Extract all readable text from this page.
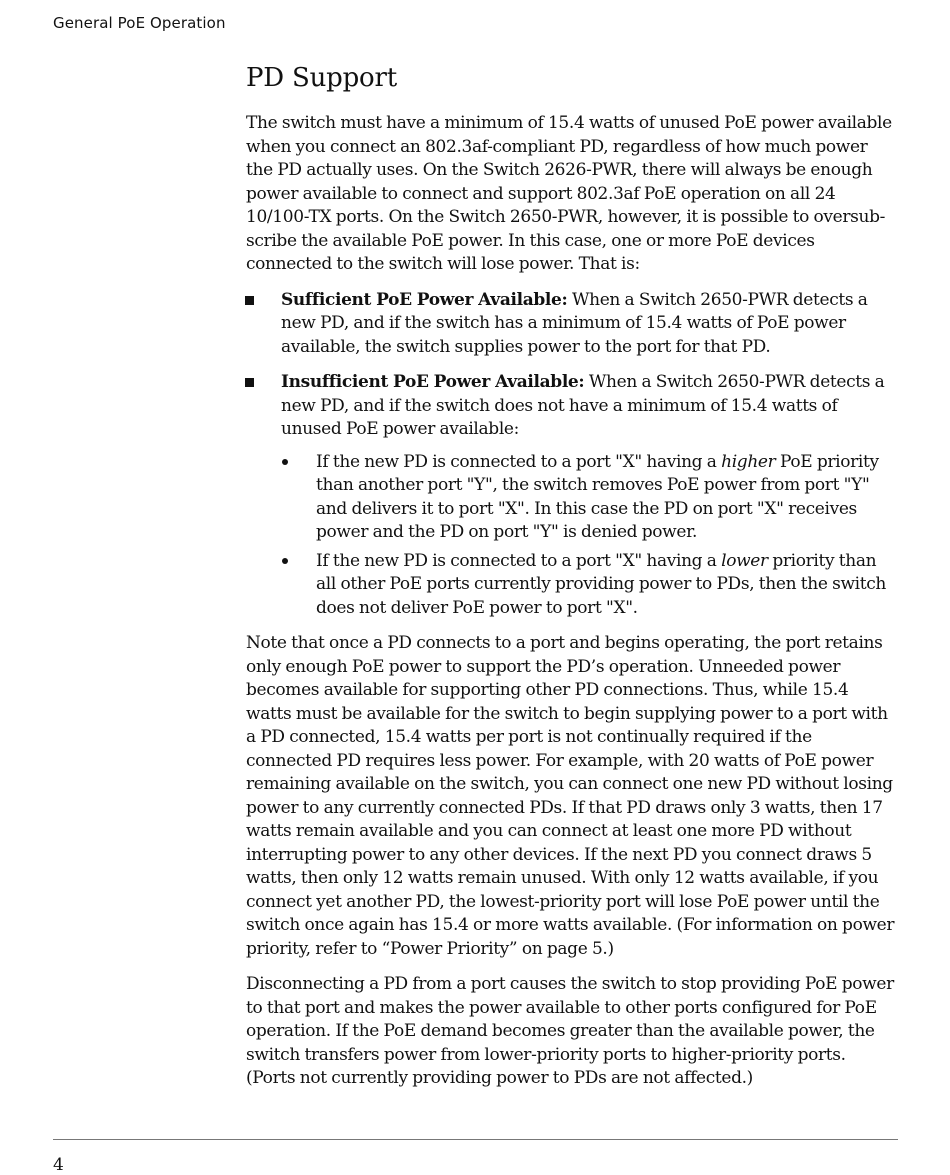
General PoE Operation
PD Support

The switch must have a minimum of 15.4 watts of unused PoE power available when you connect an 802.3af-compliant PD, regardless of how much power the PD actually uses. On the Switch 2626-PWR, there will always be enough power available to connect and support 802.3af PoE operation on all 24 10/100-TX ports. On the Switch 2650-PWR, however, it is possible to oversubscribe the available PoE power. In this case, one or more PoE devices connected to the switch will lose power. That is:

Sufficient PoE Power Available: When a Switch 2650-PWR detects a new PD, and if the switch has a minimum of 15.4 watts of PoE power available, the switch supplies power to the port for that PD.

Insufficient PoE Power Available: When a Switch 2650-PWR detects a new PD, and if the switch does not have a minimum of 15.4 watts of unused PoE power available:

If the new PD is connected to a port "X" having a higher PoE priority than another port "Y", the switch removes PoE power from port "Y" and delivers it to port "X". In this case the PD on port "X" receives power and the PD on port "Y" is denied power.

If the new PD is connected to a port "X" having a lower priority than all other PoE ports currently providing power to PDs, then the switch does not deliver PoE power to port "X".

Note that once a PD connects to a port and begins operating, the port retains only enough PoE power to support the PD’s operation. Unneeded power becomes available for supporting other PD connections. Thus, while 15.4 watts must be available for the switch to begin supplying power to a port with a PD connected, 15.4 watts per port is not continually required if the connected PD requires less power. For example, with 20 watts of PoE power remaining available on the switch, you can connect one new PD without losing power to any currently connected PDs. If that PD draws only 3 watts, then 17 watts remain available and you can connect at least one more PD without interrupting power to any other devices. If the next PD you connect draws 5 watts, then only 12 watts remain unused. With only 12 watts available, if you connect yet another PD, the lowest-priority port will lose PoE power until the switch once again has 15.4 or more watts available. (For information on power priority, refer to “Power Priority” on page 5.)

Disconnecting a PD from a port causes the switch to stop providing PoE power to that port and makes the power available to other ports configured for PoE operation. If the PoE demand becomes greater than the available power, the switch transfers power from lower-priority ports to higher-priority ports. (Ports not currently providing power to PDs are not affected.)

4
